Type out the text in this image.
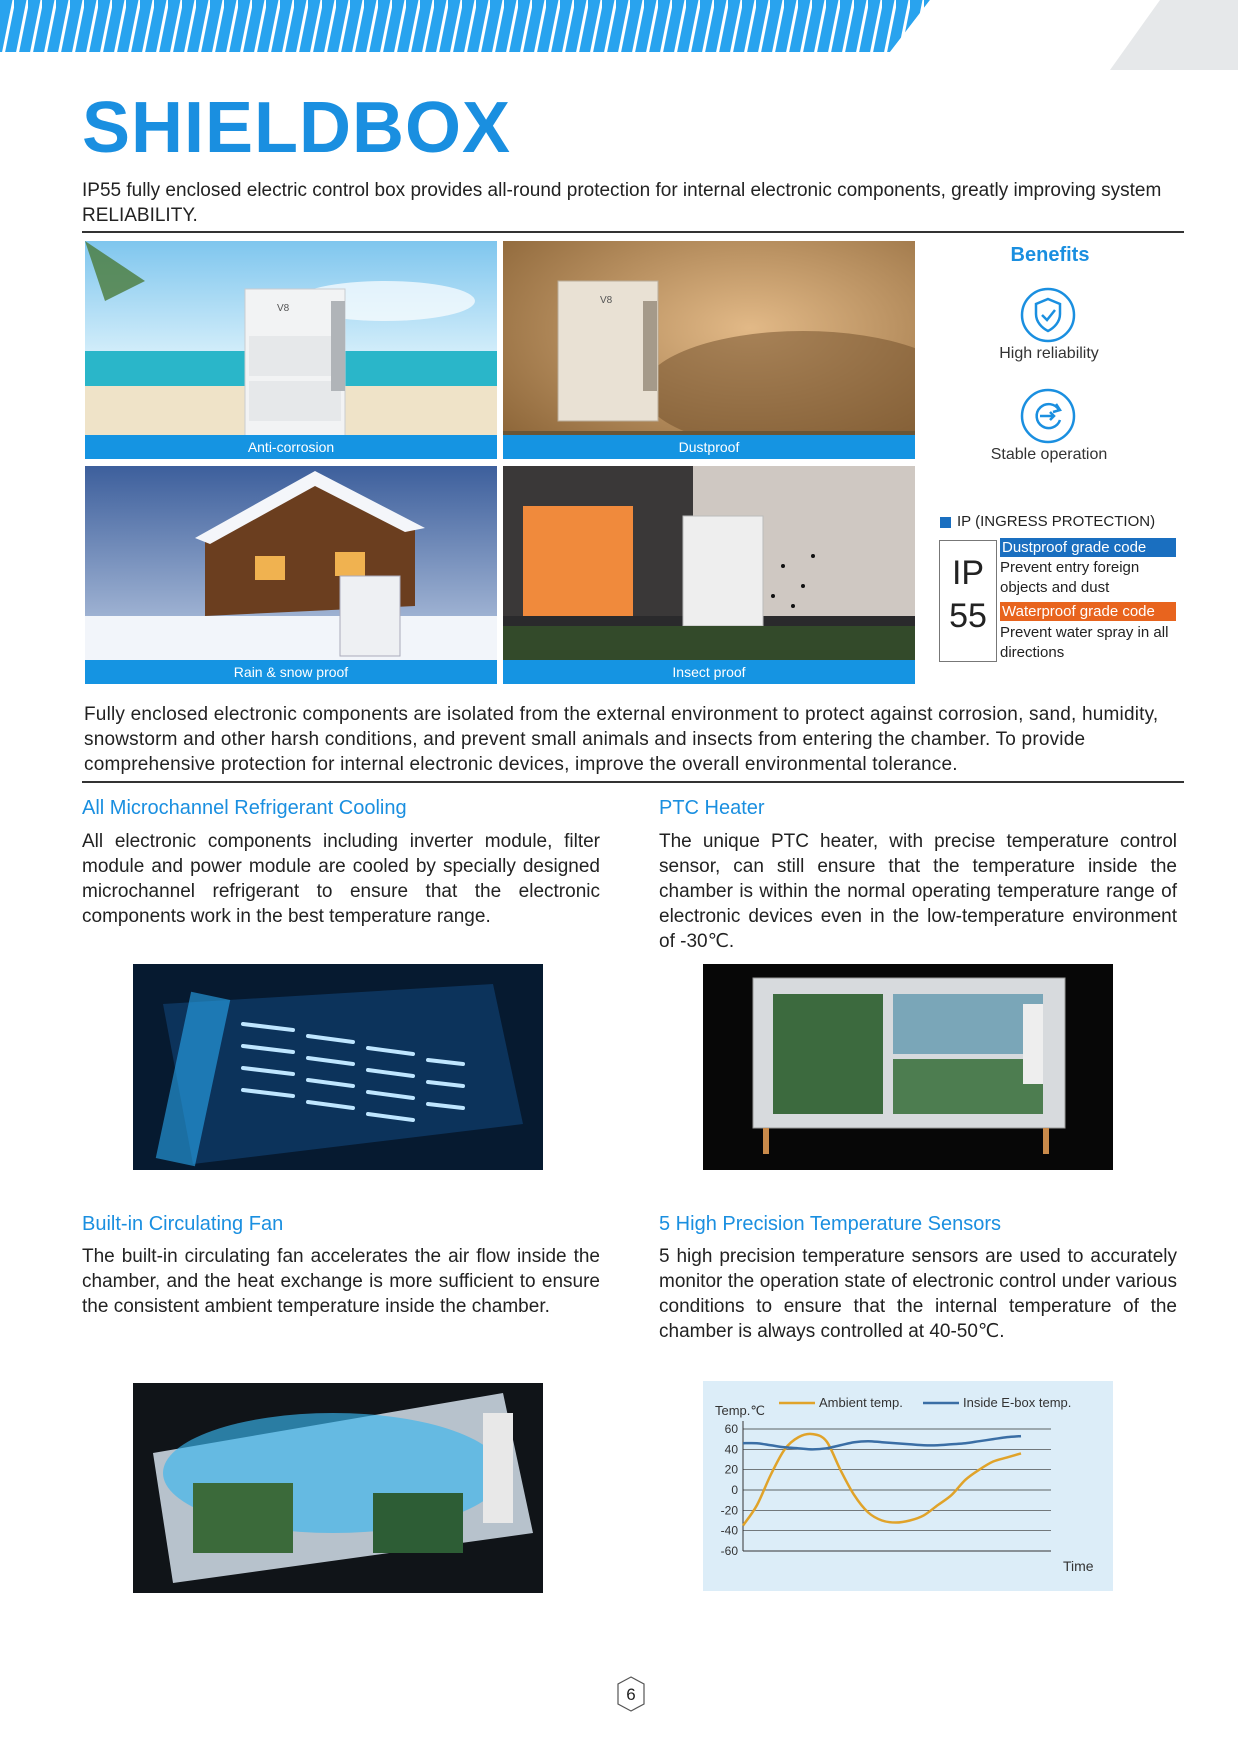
SHIELDBOX
IP55 fully enclosed electric control box provides all-round protection for internal electronic components, greatly improving system RELIABILITY.
V8
Anti-corrosion
V8
Dustproof
Rain & snow proof	Insect proof
Benefits
High reliability
Stable operation
IP (INGRESS PROTECTION)
IP
55
Dustproof grade code
Prevent entry foreign objects and dust
Waterproof grade code
Prevent water spray in all directions
Fully enclosed electronic components are isolated from the external environment to protect against corrosion, sand, humidity, snowstorm and other harsh conditions, and prevent small animals and insects from entering the chamber. To provide comprehensive protection for internal electronic devices, improve the overall environmental tolerance.
All Microchannel Refrigerant Cooling
All electronic components including inverter module, filter module and power module are cooled by specially designed microchannel refrigerant to ensure that the electronic components work in the best temperature range.
PTC Heater
The unique PTC heater, with precise temperature control sensor, can still ensure that the temperature inside the chamber is within the normal operating temperature range of electronic devices even in the low-temperature environment of -30℃.
Built-in Circulating Fan
The built-in circulating fan accelerates the air flow inside the chamber, and the heat exchange is more sufficient to ensure the consistent ambient temperature inside the chamber.
5 High Precision Temperature Sensors
5 high precision temperature sensors are used to accurately monitor the operation state of electronic control under various conditions to ensure that the internal temperature of the chamber is always controlled at 40-50℃.
60
40
20
0
-20
-40
-60
Temp.℃
Time
Ambient temp.	Inside E-box temp.
6
